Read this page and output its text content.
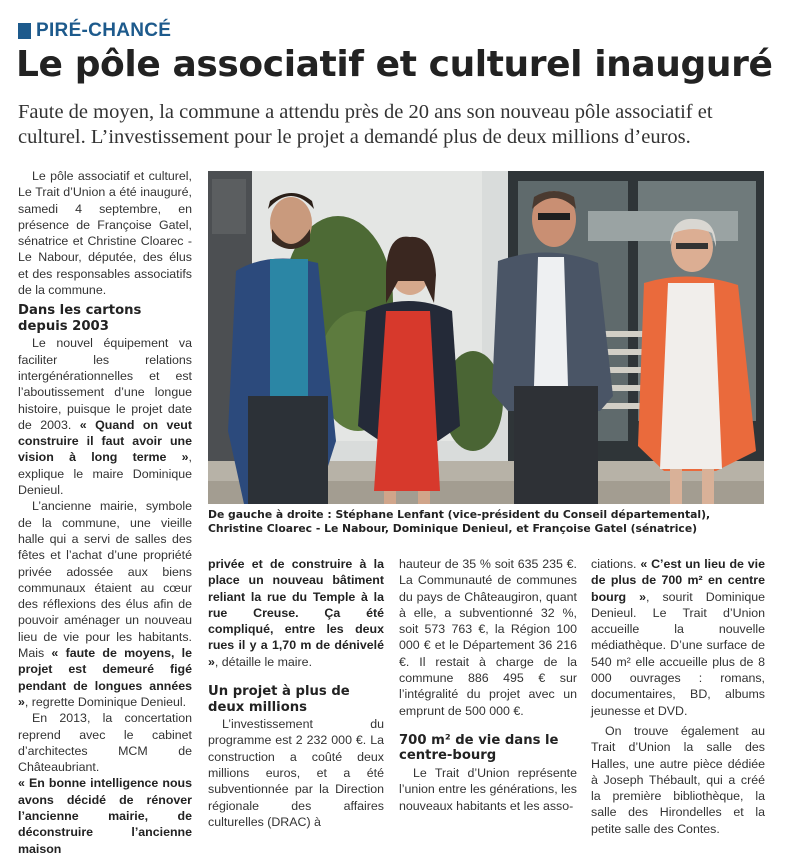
PIRÉ-CHANCÉ
Le pôle associatif et culturel inauguré

Faute de moyen, la commune a attendu près de 20 ans son nouveau pôle associatif et culturel. L’investissement pour le projet a demandé plus de deux millions d’euros.

Le pôle associatif et culturel, Le Trait d’Union a été inauguré, samedi 4 septembre, en présence de Françoise Gatel, sénatrice et Christine Cloarec - Le Nabour, députée, des élus et des responsables associatifs de la commune.

Dans les cartons depuis 2003

Le nouvel équipement va faciliter les relations intergénérationnelles et est l’aboutissement d’une longue histoire, puisque le projet date de 2003. « Quand on veut construire il faut avoir une vision à long terme », explique le maire Dominique Denieul.

L’ancienne mairie, symbole de la commune, une vieille halle qui a servi de salles des fêtes et l’achat d’une propriété privée adossée aux biens communaux étaient au cœur des réflexions des élus afin de pouvoir aménager un nouveau lieu de vie pour les habitants. Mais « faute de moyens, le projet est demeuré figé pendant de longues années », regrette Dominique Denieul.

En 2013, la concertation reprend avec le cabinet d’architectes MCM de Châteaubriant.

« En bonne intelligence nous avons décidé de rénover l’ancienne mairie, de déconstruire l’ancienne maison

De gauche à droite : Stéphane Lenfant (vice-président du Conseil départemental), Christine Cloarec - Le Nabour, Dominique Denieul, et Françoise Gatel (sénatrice)

privée et de construire à la place un nouveau bâtiment reliant la rue du Temple à la rue Creuse. Ça été compliqué, entre les deux rues il y a 1,70 m de dénivelé », détaille le maire.

Un projet à plus de deux millions

L’investissement du programme est 2 232 000 €. La construction a coûté deux millions euros, et a été subventionnée par la Direction régionale des affaires culturelles (DRAC) à

hauteur de 35 % soit 635 235 €. La Communauté de communes du pays de Châteaugiron, quant à elle, a subventionné 32 %, soit 573 763 €, la Région 100 000 € et le Département 36 216 €. Il restait à charge de la commune 886 495 € sur l’intégralité du projet avec un emprunt de 500 000 €.

700 m² de vie dans le centre-bourg

Le Trait d’Union représente l’union entre les générations, les nouveaux habitants et les asso-

ciations. « C’est un lieu de vie de plus de 700 m² en centre bourg », sourit Dominique Denieul. Le Trait d’Union accueille la nouvelle médiathèque. D’une surface de 540 m² elle accueille plus de 8 000 ouvrages : romans, documentaires, BD, albums jeunesse et DVD.

On trouve également au Trait d’Union la salle des Halles, une autre pièce dédiée à Joseph Thébault, qui a créé la première bibliothèque, la salle des Hirondelles et la petite salle des Contes.
